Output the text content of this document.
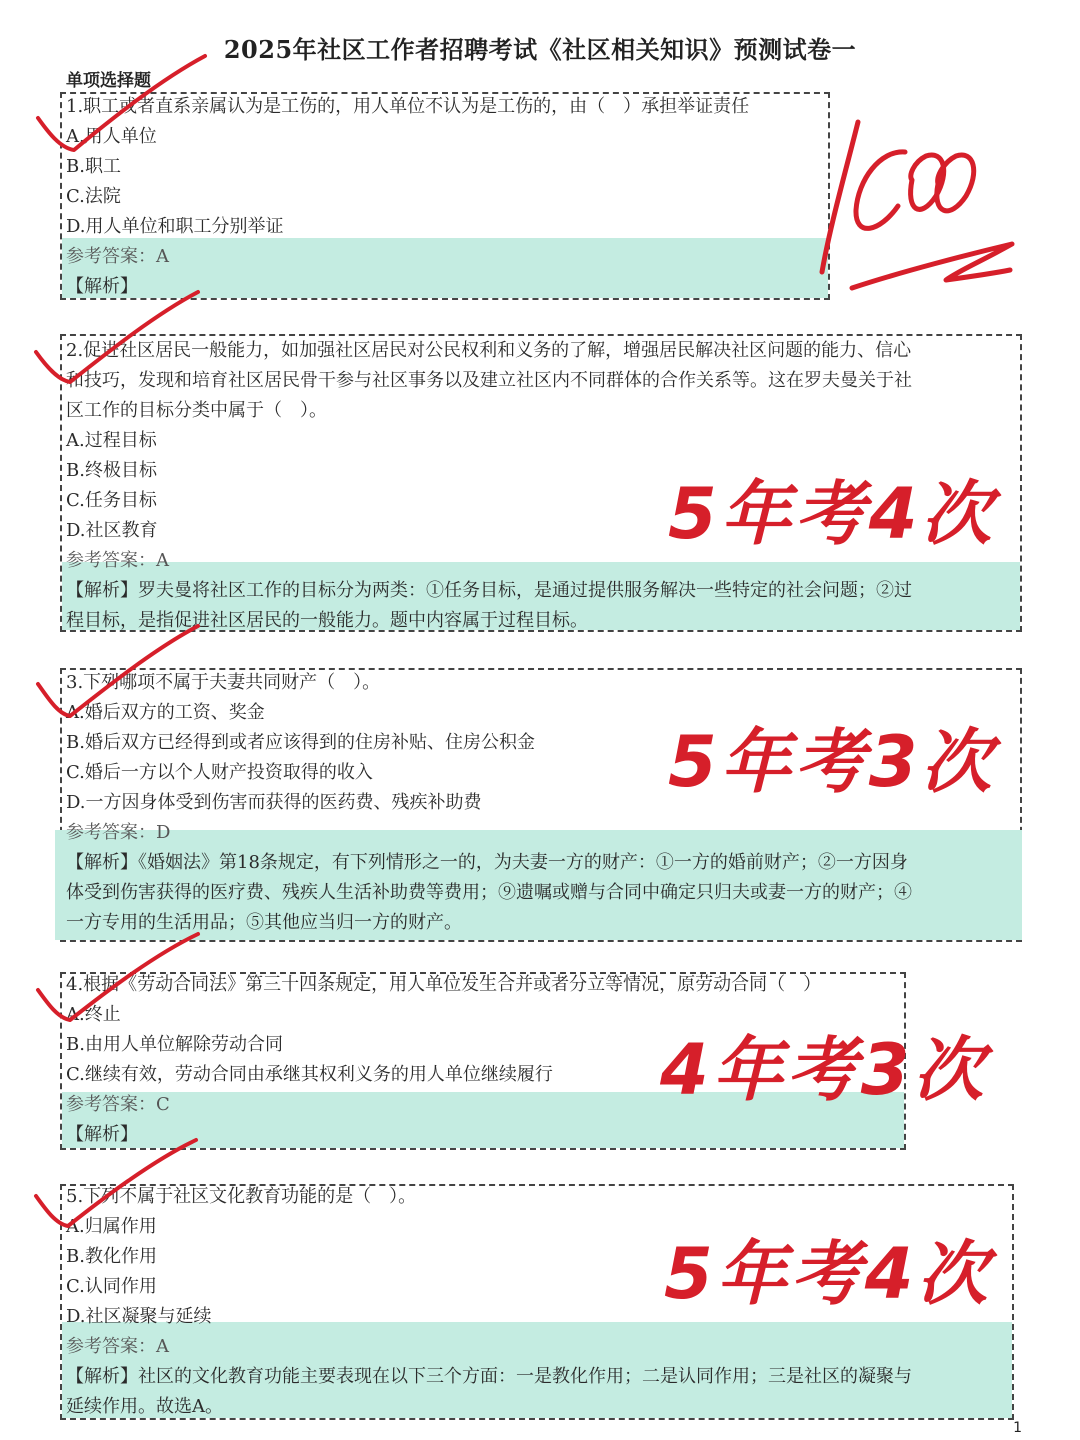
2025年社区工作者招聘考试《社区相关知识》预测试卷一
单项选择题
1.职工或者直系亲属认为是工伤的，用人单位不认为是工伤的，由（　）承担举证责任
A.用人单位
B.职工
C.法院
D.用人单位和职工分别举证
参考答案：A
【解析】
2.促进社区居民一般能力，如加强社区居民对公民权利和义务的了解，增强居民解决社区问题的能力、信心
和技巧，发现和培育社区居民骨干参与社区事务以及建立社区内不同群体的合作关系等。这在罗夫曼关于社
区工作的目标分类中属于（　）。
A.过程目标
B.终极目标
C.任务目标
D.社区教育
参考答案：A
【解析】罗夫曼将社区工作的目标分为两类：①任务目标，是通过提供服务解决一些特定的社会问题；②过
程目标，是指促进社区居民的一般能力。题中内容属于过程目标。
5年考4次
3.下列哪项不属于夫妻共同财产（　）。
A.婚后双方的工资、奖金
B.婚后双方已经得到或者应该得到的住房补贴、住房公积金
C.婚后一方以个人财产投资取得的收入
D.一方因身体受到伤害而获得的医药费、残疾补助费
参考答案：D
【解析】《婚姻法》第18条规定，有下列情形之一的，为夫妻一方的财产：①一方的婚前财产；②一方因身
体受到伤害获得的医疗费、残疾人生活补助费等费用；⑨遗嘱或赠与合同中确定只归夫或妻一方的财产；④
一方专用的生活用品；⑤其他应当归一方的财产。
5年考3次
4.根据《劳动合同法》第三十四条规定，用人单位发生合并或者分立等情况，原劳动合同（　）
A.终止
B.由用人单位解除劳动合同
C.继续有效，劳动合同由承继其权利义务的用人单位继续履行
参考答案：C
【解析】
4年考3次
5.下列不属于社区文化教育功能的是（　）。
A.归属作用
B.教化作用
C.认同作用
D.社区凝聚与延续
参考答案：A
【解析】社区的文化教育功能主要表现在以下三个方面：一是教化作用；二是认同作用；三是社区的凝聚与
延续作用。故选A。
5年考4次
1
